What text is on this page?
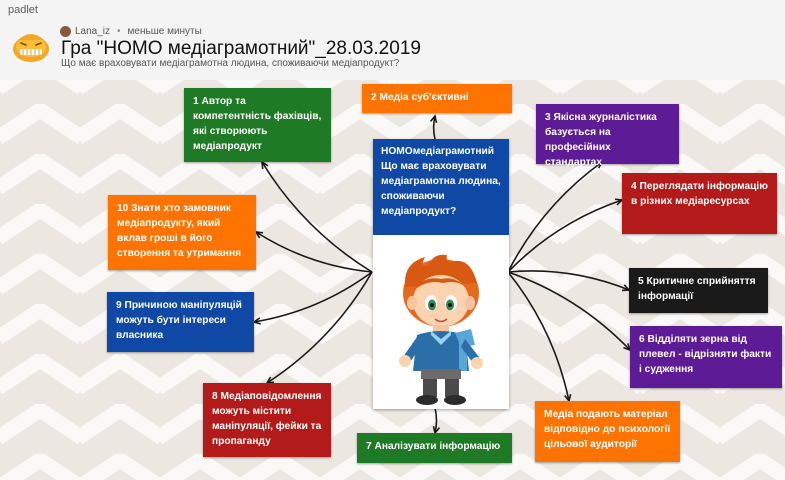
padlet
Lana_iz • меньше минуты
Гра "НОМО медіаграмотний"_28.03.2019
Що має враховувати медіаграмотна людина, споживаючи медіапродукт?
НОМОмедіаграмотний Що має враховувати медіаграмотна людина, споживаючи медіапродукт?
1 Автор та компетентність фахівців, які створюють медіапродукт
2 Медіа суб'єктивні
3 Якісна журналістика базується на професійних стандартах
4 Переглядати інформацію в різних медіаресурсах
5 Критичне сприйняття інформації
6 Відділяти зерна від плевел - відрізняти факти і судження
Медіа подають матеріал відповідно до психології цільової аудиторії
7 Аналізувати інформацію
8 Медіаповідомлення можуть містити маніпуляції, фейки та пропаганду
9 Причиною маніпуляцій можуть бути інтереси власника
10 Знати хто замовник медіапродукту, який вклав гроші в його створення та утримання
